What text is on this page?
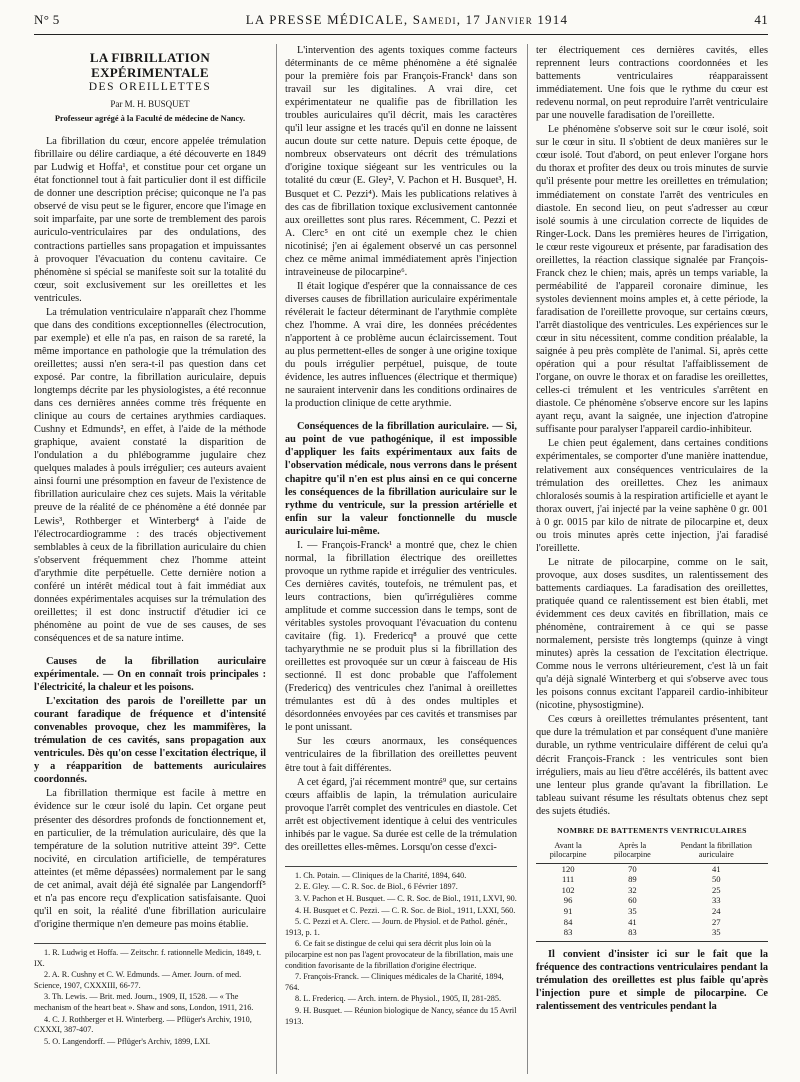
N° 5	LA PRESSE MÉDICALE, Samedi, 17 Janvier 1914	41
LA FIBRILLATION EXPÉRIMENTALE
DES OREILLETTES
Par M. H. BUSQUET
Professeur agrégé à la Faculté de médecine de Nancy.

La fibrillation du cœur, encore appelée trémulation fibrillaire ou délire cardiaque, a été découverte en 1849 par Ludwig et Hoffa¹, et constitue pour cet organe un état fonctionnel tout à fait particulier dont il est difficile de donner une description précise; quiconque ne l'a pas observé de visu peut se le figurer, encore que l'image en soit imparfaite, par une sorte de tremblement des parois auriculo-ventriculaires par des ondulations, des contractions partielles sans propagation et impuissantes à provoquer l'évacuation du contenu cavitaire. Ce phénomène si spécial se manifeste soit sur la totalité du cœur, soit exclusivement sur les oreillettes et les ventricules.

La trémulation ventriculaire n'apparaît chez l'homme que dans des conditions exceptionnelles (électrocution, par exemple) et elle n'a pas, en raison de sa rareté, la même importance en pathologie que la trémulation des oreillettes; aussi n'en sera-t-il pas question dans cet exposé. Par contre, la fibrillation auriculaire, depuis longtemps décrite par les physiologistes, a été reconnue dans ces dernières années comme très fréquente en clinique au cours de certaines arythmies cardiaques. Cushny et Edmunds², en effet, à l'aide de la méthode graphique, avaient constaté la disparition de l'ondulation a du phlébogramme jugulaire chez quelques malades à pouls irrégulier; ces auteurs avaient ainsi fourni une présomption en faveur de l'existence de fibrillation auriculaire chez ces sujets. Mais la véritable preuve de la réalité de ce phénomène a été donnée par Lewis³, Rothberger et Winterberg⁴ à l'aide de l'électrocardiogramme : des tracés objectivement semblables à ceux de la fibrillation auriculaire du chien s'observent fréquemment chez l'homme atteint d'arythmie dite perpétuelle. Cette dernière notion a conféré un intérêt médical tout à fait immédiat aux données expérimentales acquises sur la trémulation des oreillettes; il est donc instructif d'étudier ici ce phénomène au point de vue de ses causes, de ses conséquences et de sa nature intime.

Causes de la fibrillation auriculaire expérimentale. — On en connaît trois principales : l'électricité, la chaleur et les poisons.

L'excitation des parois de l'oreillette par un courant faradique de fréquence et d'intensité convenables provoque, chez les mammifères, la trémulation de ces cavités, sans propagation aux ventricules. Dès qu'on cesse l'excitation électrique, il y a réapparition de battements auriculaires coordonnés.

La fibrillation thermique est facile à mettre en évidence sur le cœur isolé du lapin. Cet organe peut présenter des désordres profonds de fonctionnement et, en particulier, de la trémulation auriculaire, dès que la température de la solution nutritive atteint 39°. Cette nocivité, en circulation artificielle, de températures atteintes (et même dépassées) normalement par le sang de cet animal, avait déjà été signalée par Langendorff⁵ et n'a pas encore reçu d'explication satisfaisante. Quoi qu'il en soit, la réalité d'une fibrillation auriculaire d'origine thermique n'en demeure pas moins établie.

1. R. Ludwig et Hoffa. — Zeitschr. f. rationnelle Medicin, 1849, t. IX.
2. A. R. Cushny et C. W. Edmunds. — Amer. Journ. of med. Science, 1907, CXXXIII, 66-77.
3. Th. Lewis. — Brit. med. Journ., 1909, II, 1528. — « The mechanism of the heart beat ». Shaw and sons, London, 1911, 216.
4. C. J. Rothberger et H. Winterberg. — Pflüger's Archiv, 1910, CXXXI, 387-407.
5. O. Langendorff. — Pflüger's Archiv, 1899, LXI.

L'intervention des agents toxiques comme facteurs déterminants de ce même phénomène a été signalée pour la première fois par François-Franck¹ dans son travail sur les digitalines. A vrai dire, cet expérimentateur ne qualifie pas de fibrillation les troubles auriculaires qu'il décrit, mais les caractères qu'il leur assigne et les tracés qu'il en donne ne laissent aucun doute sur cette nature. Depuis cette époque, de nombreux observateurs ont décrit des trémulations d'origine toxique siégeant sur les ventricules ou la totalité du cœur (E. Gley², V. Pachon et H. Busquet³, H. Busquet et C. Pezzi⁴). Mais les publications relatives à des cas de fibrillation toxique exclusivement cantonnée aux oreillettes sont plus rares. Récemment, C. Pezzi et A. Clerc⁵ en ont cité un exemple chez le chien nicotinisé; j'en ai également observé un cas personnel chez ce même animal immédiatement après l'injection intraveineuse de pilocarpine⁶.

Il était logique d'espérer que la connaissance de ces diverses causes de fibrillation auriculaire expérimentale révélerait le facteur déterminant de l'arythmie complète chez l'homme. A vrai dire, les données précédentes n'apportent à ce problème aucun éclaircissement. Tout au plus permettent-elles de songer à une origine toxique du pouls irrégulier perpétuel, puisque, de toute évidence, les autres influences (électrique et thermique) ne sauraient intervenir dans les conditions ordinaires de la production clinique de cette arythmie.

Conséquences de la fibrillation auriculaire. — Si, au point de vue pathogénique, il est impossible d'appliquer les faits expérimentaux aux faits de l'observation médicale, nous verrons dans le présent chapitre qu'il n'en est plus ainsi en ce qui concerne les conséquences de la fibrillation auriculaire sur le rythme du ventricule, sur la pression artérielle et enfin sur la valeur fonctionnelle du muscle auriculaire lui-même.

I. — François-Franck¹ a montré que, chez le chien normal, la fibrillation électrique des oreillettes provoque un rythme rapide et irrégulier des ventricules. Ces dernières cavités, toutefois, ne trémulent pas, et leurs contractions, bien qu'irrégulières comme amplitude et comme succession dans le temps, sont de véritables systoles provoquant l'évacuation du contenu cavitaire (fig. 1). Fredericq⁸ a prouvé que cette tachyarythmie ne se produit plus si la fibrillation des oreillettes est provoquée sur un cœur à faisceau de His sectionné. Il est donc probable que l'affolement (Fredericq) des ventricules chez l'animal à oreillettes trémulantes est dû à des ondes multiples et désordonnées envoyées par ces cavités et transmises par le pont unissant.

Sur les cœurs anormaux, les conséquences ventriculaires de la fibrillation des oreillettes peuvent être tout à fait différentes.

A cet égard, j'ai récemment montré⁹ que, sur certains cœurs affaiblis de lapin, la trémulation auriculaire provoque l'arrêt complet des ventricules en diastole. Cet arrêt est objectivement identique à celui des ventricules inhibés par le vague. Sa durée est celle de la trémulation des oreillettes elles-mêmes. Lorsqu'on cesse d'exci-

1. Ch. Potain. — Cliniques de la Charité, 1894, 640.
2. E. Gley. — C. R. Soc. de Biol., 6 Février 1897.
3. V. Pachon et H. Busquet. — C. R. Soc. de Biol., 1911, LXVI, 90.
4. H. Busquet et C. Pezzi. — C. R. Soc. de Biol., 1911, LXXI, 560.
5. C. Pezzi et A. Clerc. — Journ. de Physiol. et de Pathol. génér., 1913, p. 1.
6. Ce fait se distingue de celui qui sera décrit plus loin où la pilocarpine est non pas l'agent provocateur de la fibrillation, mais une condition favorisante de la fibrillation d'origine électrique.
7. François-Franck. — Cliniques médicales de la Charité, 1894, 764.
8. L. Fredericq. — Arch. intern. de Physiol., 1905, II, 281-285.
9. H. Busquet. — Réunion biologique de Nancy, séance du 15 Avril 1913.

ter électriquement ces dernières cavités, elles reprennent leurs contractions coordonnées et les battements ventriculaires réapparaissent immédiatement. Une fois que le rythme du cœur est redevenu normal, on peut reproduire l'arrêt ventriculaire par une nouvelle faradisation de l'oreillette.

Le phénomène s'observe soit sur le cœur isolé, soit sur le cœur in situ. Il s'obtient de deux manières sur le cœur isolé. Tout d'abord, on peut enlever l'organe hors du thorax et profiter des deux ou trois minutes de survie qu'il présente pour mettre les oreillettes en trémulation; immédiatement on constate l'arrêt des ventricules en diastole. En second lieu, on peut s'adresser au cœur isolé soumis à une circulation correcte de liquides de Ringer-Lock. Dans les premières heures de l'irrigation, le cœur reste vigoureux et présente, par faradisation des oreillettes, la réaction classique signalée par François-Franck chez le chien; mais, après un temps variable, la perméabilité de l'appareil coronaire diminue, les systoles deviennent moins amples et, à cette période, la faradisation de l'oreillette provoque, sur certains cœurs, l'arrêt diastolique des ventricules. Les expériences sur le cœur in situ nécessitent, comme condition préalable, la saignée à peu près complète de l'animal. Si, après cette opération qui a pour résultat l'affaiblissement de l'organe, on ouvre le thorax et on faradise les oreillettes, celles-ci trémulent et les ventricules s'arrêtent en diastole. Ce phénomène s'observe encore sur les lapins ayant reçu, avant la saignée, une injection d'atropine suffisante pour paralyser l'appareil cardio-inhibiteur.

Le chien peut également, dans certaines conditions expérimentales, se comporter d'une manière inattendue, relativement aux conséquences ventriculaires de la trémulation des oreillettes. Chez les animaux chloralosés soumis à la respiration artificielle et ayant le thorax ouvert, j'ai injecté par la veine saphène 0 gr. 001 à 0 gr. 0015 par kilo de nitrate de pilocarpine et, deux ou trois minutes après cette injection, j'ai faradisé l'oreillette.

Le nitrate de pilocarpine, comme on le sait, provoque, aux doses susdites, un ralentissement des battements cardiaques. La faradisation des oreillettes, pratiquée quand ce ralentissement est bien établi, met évidemment ces deux cavités en fibrillation, mais ce phénomène, contrairement à ce qui se passe normalement, persiste très longtemps (quinze à vingt minutes) après la cessation de l'excitation électrique. Comme nous le verrons ultérieurement, c'est là un fait qu'a déjà signalé Winterberg et qui s'observe avec tous les poisons connus excitant l'appareil cardio-inhibiteur (nicotine, physostigmine).

Ces cœurs à oreillettes trémulantes présentent, tant que dure la trémulation et par conséquent d'une manière durable, un rythme ventriculaire différent de celui qu'a décrit François-Franck : les ventricules sont bien irréguliers, mais au lieu d'être accélérés, ils battent avec une lenteur plus grande qu'avant la fibrillation. Le tableau suivant résume les résultats obtenus chez sept des sujets étudiés.

NOMBRE DE BATTEMENTS VENTRICULAIRES
Avant la pilocarpine	Après la pilocarpine	Pendant la fibrillation auriculaire
120	70	41
111	89	50
102	32	25
96	60	33
91	35	24
84	41	27
83	83	35

Il convient d'insister ici sur le fait que la fréquence des contractions ventriculaires pendant la trémulation des oreillettes est plus faible qu'après l'injection pure et simple de pilocarpine. Ce ralentissement des ventricules pendant la
